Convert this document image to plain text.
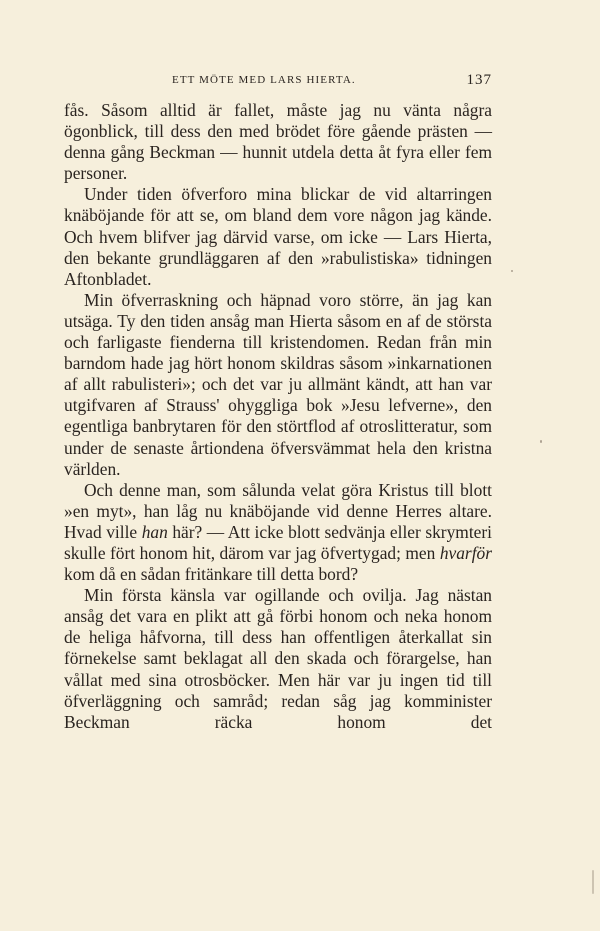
ETT MÖTE MED LARS HIERTA.	137

fås. Såsom alltid är fallet, måste jag nu vänta några ögonblick, till dess den med brödet före gående prästen — denna gång Beckman — hunnit utdela detta åt fyra eller fem personer.

Under tiden öfverforo mina blickar de vid altarringen knäböjande för att se, om bland dem vore någon jag kände. Och hvem blifver jag därvid varse, om icke — Lars Hierta, den bekante grundläggaren af den »rabulistiska» tidningen Aftonbladet.

Min öfverraskning och häpnad voro större, än jag kan utsäga. Ty den tiden ansåg man Hierta såsom en af de största och farligaste fienderna till kristendomen. Redan från min barndom hade jag hört honom skildras såsom »inkarnationen af allt rabulisteri»; och det var ju allmänt kändt, att han var utgifvaren af Strauss' ohyggliga bok »Jesu lefverne», den egentliga banbrytaren för den störtflod af otroslitteratur, som under de senaste årtiondena öfversvämmat hela den kristna världen.

Och denne man, som sålunda velat göra Kristus till blott »en myt», han låg nu knäböjande vid denne Herres altare. Hvad ville han här? — Att icke blott sedvänja eller skrymteri skulle fört honom hit, därom var jag öfvertygad; men hvarför kom då en sådan fritänkare till detta bord?

Min första känsla var ogillande och ovilja. Jag nästan ansåg det vara en plikt att gå förbi honom och neka honom de heliga håfvorna, till dess han offentligen återkallat sin förnekelse samt beklagat all den skada och förargelse, han vållat med sina otrosböcker. Men här var ju ingen tid till öfverläggning och samråd; redan såg jag komminister Beckman räcka honom det
